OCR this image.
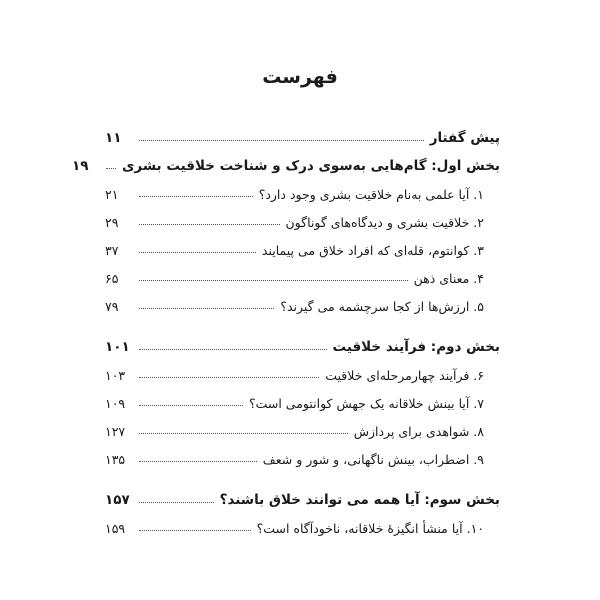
فهرست
پیش گفتار
۱۱
بخش اول: گام‌هایی به‌سوی درک و شناخت خلاقیت بشری
۱۹
۱. آیا علمی به‌نام خلاقیت بشری وجود دارد؟
۲۱
۲. خلاقیت بشری و دیدگاه‌های گوناگون
۲۹
۳. کوانتوم، قله‌ای که افراد خلاق می پیمایند
۳۷
۴. معنای ذهن
۶۵
۵. ارزش‌ها از کجا سرچشمه می گیرند؟
۷۹
بخش دوم: فرآیند خلاقیت
۱۰۱
۶. فرآیند چهارمرحله‌ای خلاقیت
۱۰۳
۷. آیا بینش خلاقانه یک جهش کوانتومی است؟
۱۰۹
۸. شواهدی برای پردازش
۱۲۷
۹. اضطراب، بینش ناگهانی، و شور و شعف
۱۳۵
بخش سوم: آیا همه می توانند خلاق باشند؟
۱۵۷
۱۰. آیا منشأ انگیزهٔ خلاقانه، ناخودآگاه است؟
۱۵۹
